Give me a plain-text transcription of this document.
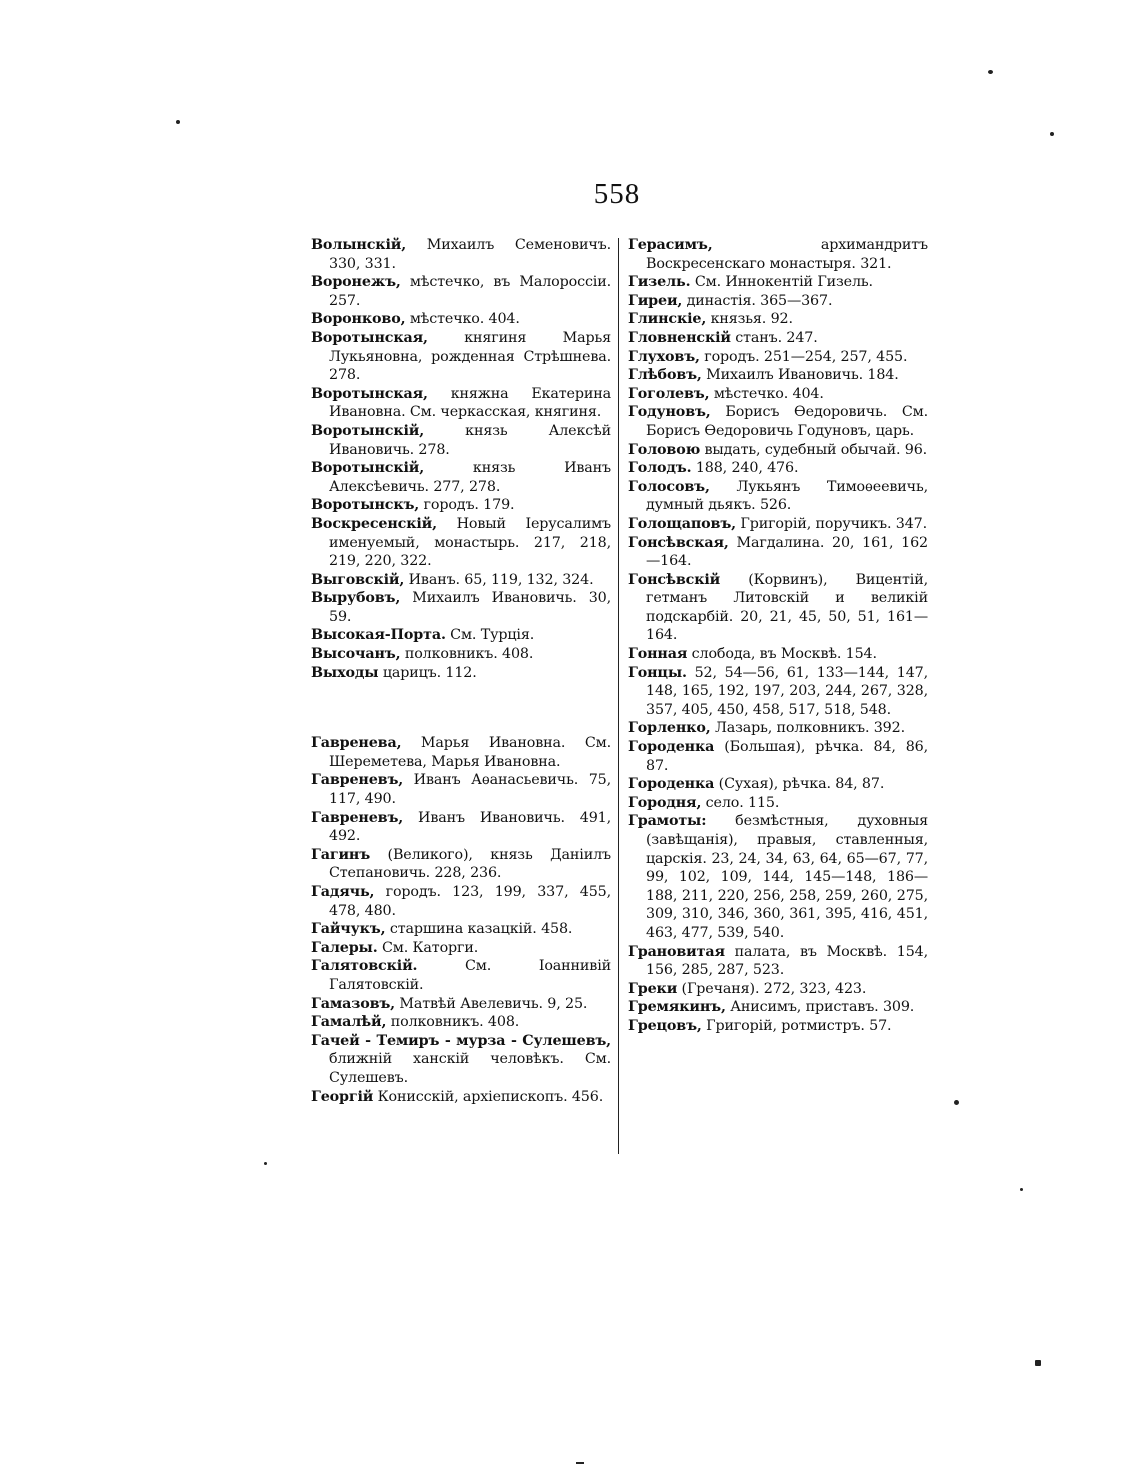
558

Волынскій, Михаилъ Семеновичъ. 330, 331.

Воронежъ, мѣстечко, въ Малороссіи. 257.

Воронково, мѣстечко. 404.

Воротынская, княгиня Марья Лукьяновна, рожденная Стрѣшнева. 278.

Воротынская, княжна Екатерина Ивановна. См. черкасская, княгиня.

Воротынскій, князь Алексѣй Ивановичь. 278.

Воротынскій, князь Иванъ Алексѣевичь. 277, 278.

Воротынскъ, городъ. 179.

Воскресенскій, Новый Іерусалимъ именуемый, монастырь. 217, 218, 219, 220, 322.

Выговскій, Иванъ. 65, 119, 132, 324.

Вырубовъ, Михаилъ Ивановичь. 30, 59.

Высокая-Порта. См. Турція.

Высочанъ, полковникъ. 408.

Выходы царицъ. 112.

Гавренева, Марья Ивановна. См. Шереметева, Марья Ивановна.

Гавреневъ, Иванъ Аѳанасьевичь. 75, 117, 490.

Гавреневъ, Иванъ Ивановичь. 491, 492.

Гагинъ (Великого), князь Даніилъ Степановичь. 228, 236.

Гадячь, городъ. 123, 199, 337, 455, 478, 480.

Гайчукъ, старшина казацкій. 458.

Галеры. См. Каторги.

Галятовскій. См. Іоаннивій Галятовскій.

Гамазовъ, Матвѣй Авелевичь. 9, 25.

Гамалѣй, полковникъ. 408.

Гачей - Темиръ - мурза - Сулешевъ, ближній ханскій человѣкъ. См. Сулешевъ.

Георгій Конисскій, архіепископъ. 456.

Герасимъ, архимандритъ Воскресенскаго монастыря. 321.

Гизель. См. Иннокентій Гизель.

Гиреи, династія. 365—367.

Глинскіе, князья. 92.

Гловненскій станъ. 247.

Глуховъ, городъ. 251—254, 257, 455.

Глѣбовъ, Михаилъ Ивановичь. 184.

Гоголевъ, мѣстечко. 404.

Годуновъ, Борисъ Ѳедоровичь. См. Борисъ Ѳедоровичь Годуновъ, царь.

Головою выдать, судебный обычай. 96.

Голодъ. 188, 240, 476.

Голосовъ, Лукьянъ Тимоѳеевичь, думный дьякъ. 526.

Голощаповъ, Григорій, поручикъ. 347.

Гонсѣвская, Магдалина. 20, 161, 162—164.

Гонсѣвскій (Корвинъ), Вицентій, гетманъ Литовскій и великій подскарбій. 20, 21, 45, 50, 51, 161—164.

Гонная слобода, въ Москвѣ. 154.

Гонцы. 52, 54—56, 61, 133—144, 147, 148, 165, 192, 197, 203, 244, 267, 328, 357, 405, 450, 458, 517, 518, 548.

Горленко, Лазарь, полковникъ. 392.

Городенка (Большая), рѣчка. 84, 86, 87.

Городенка (Сухая), рѣчка. 84, 87.

Городня, село. 115.

Грамоты: безмѣстныя, духовныя (завѣщанія), правыя, ставленныя, царскія. 23, 24, 34, 63, 64, 65—67, 77, 99, 102, 109, 144, 145—148, 186—188, 211, 220, 256, 258, 259, 260, 275, 309, 310, 346, 360, 361, 395, 416, 451, 463, 477, 539, 540.

Грановитая палата, въ Москвѣ. 154, 156, 285, 287, 523.

Греки (Гречаня). 272, 323, 423.

Гремякинъ, Анисимъ, приставъ. 309.

Грецовъ, Григорій, ротмистръ. 57.
